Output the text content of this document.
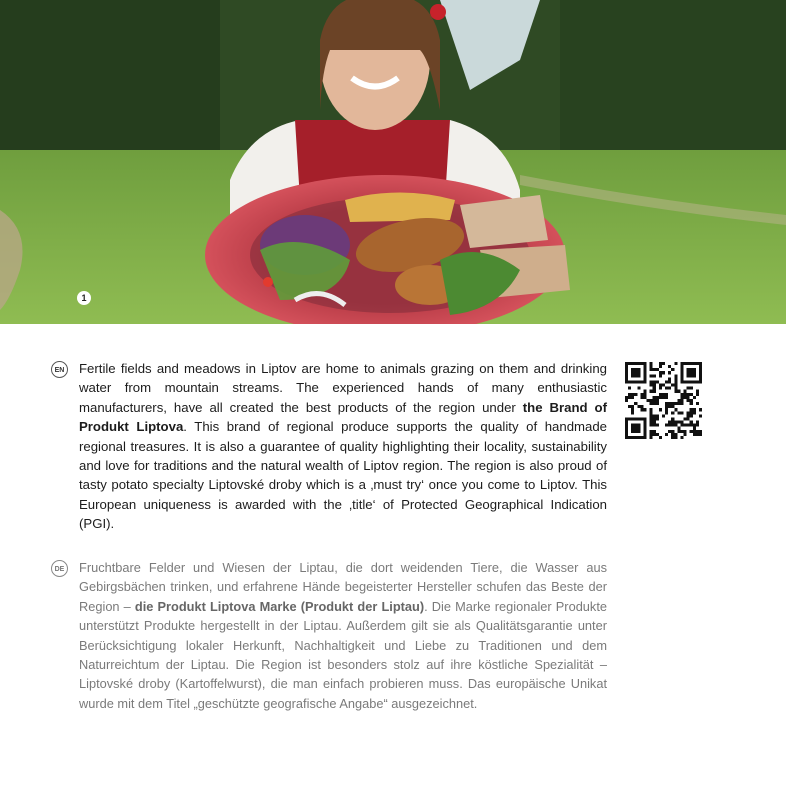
1
EN Fertile fields and meadows in Liptov are home to animals grazing on them and drinking water from mountain streams. The experienced hands of many enthusiastic manufacturers, have all created the best products of the region under the Brand of Produkt Liptova. This brand of regional produce supports the quality of handmade regional treasures. It is also a guarantee of quality highlighting their locality, sustainability and love for traditions and the natural wealth of Liptov region. The region is also proud of tasty potato specialty Liptovské droby which is a ‚must try‘ once you come to Liptov. This European uniqueness is awarded with the ‚title‘ of Protected Geographical Indication (PGI).

DE Fruchtbare Felder und Wiesen der Liptau, die dort weidenden Tiere, die Wasser aus Gebirgsbächen trinken, und erfahrene Hände begeisterter Hersteller schufen das Beste der Region – die Produkt Liptova Marke (Produkt der Liptau). Die Marke regionaler Produkte unterstützt Produkte hergestellt in der Liptau. Außerdem gilt sie als Qualitätsgarantie unter Berücksichtigung lokaler Herkunft, Nachhaltigkeit und Liebe zu Traditionen und dem Naturreichtum der Liptau. Die Region ist besonders stolz auf ihre köstliche Spezialität – Liptovské droby (Kartoffelwurst), die man einfach probieren muss. Das europäische Unikat wurde mit dem Titel „geschützte geografische Angabe“ ausgezeichnet.
